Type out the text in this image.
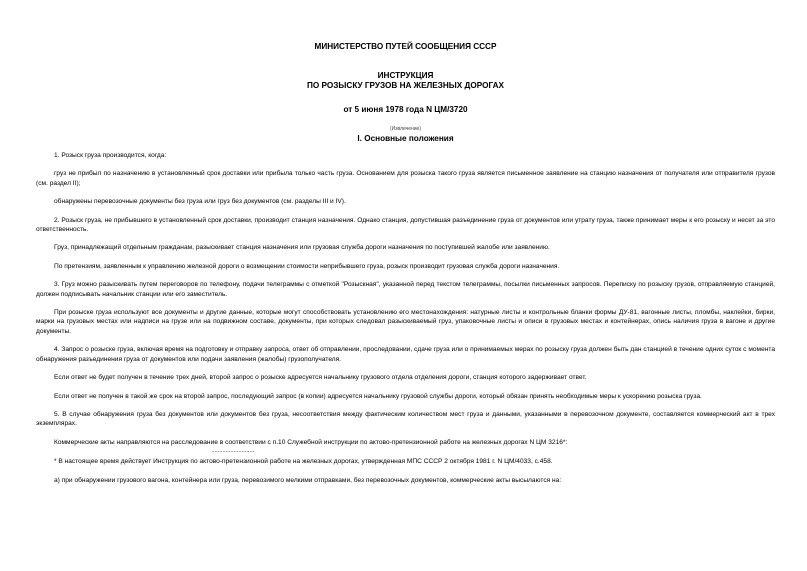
МИНИСТЕРСТВО ПУТЕЙ СООБЩЕНИЯ СССР
ИНСТРУКЦИЯ
ПО РОЗЫСКУ ГРУЗОВ НА ЖЕЛЕЗНЫХ ДОРОГАХ
от 5 июня 1978 года N ЦМ/3720
(Извлечение)
I. Основные положения

1. Розыск груза производится, когда:

груз не прибыл по назначению в установленный срок доставки или прибыла только часть груза. Основанием для розыска такого груза является письменное заявление на станцию назначения от получателя или отправителя грузов (см. раздел II);

обнаружены перевозочные документы без груза или груз без документов (см. разделы III и IV).

2. Розыск груза, не прибывшего в установленный срок доставки, производит станция назначения. Однако станция, допустившая разъединение груза от документов или утрату груза, также принимает меры к его розыску и несет за это ответственность.

Груз, принадлежащий отдельным гражданам, разыскивает станция назначения или грузовая служба дороги назначения по поступившей жалобе или заявлению.

По претензиям, заявленным к управлению железной дороги о возмещении стоимости неприбывшего груза, розыск производит грузовая служба дороги назначения.

3. Груз можно разыскивать путем переговоров по телефону, подачи телеграммы с отметкой "Розыскная", указанной перед текстом телеграммы, посылки письменных запросов. Переписку по розыску грузов, отправляемую станцией, должен подписывать начальник станции или его заместитель.

При розыске груза используют все документы и другие данные, которые могут способствовать установлению его местонахождения: натурные листы и контрольные бланки формы ДУ-81, вагонные листы, пломбы, наклейки, бирки, марки на грузовых местах или надписи на грузе или на подвижном составе, документы, при которых следовал разыскиваемый груз, упаковочные листы и описи в грузовых местах и контейнерах, опись наличия груза в вагоне и другие документы.

4. Запрос о розыске груза, включая время на подготовку и отправку запроса, ответ об отправлении, проследовании, сдаче груза или о принимаемых мерах по розыску груза должен быть дан станцией в течение одних суток с момента обнаружения разъединения груза от документов или подачи заявления (жалобы) грузополучателя.

Если ответ не будет получен в течение трех дней, второй запрос о розыске адресуется начальнику грузового отдела отделения дороги, станция которого задерживает ответ.

Если ответ не получен в такой же срок на второй запрос, последующий запрос (в копии) адресуется начальнику грузовой службы дороги, который обязан принять необходимые меры к ускорению розыска груза.

5. В случае обнаружения груза без документов или документов без груза, несоответствия между фактическим количеством мест груза и данными, указанными в перевозочном документе, составляется коммерческий акт в трех экземплярах.

Коммерческие акты направляются на расследование в соответствии с п.10 Служебной инструкции по актово-претензионной работе на железных дорогах N ЦМ 3216*:

----------------

* В настоящее время действует Инструкция по актово-претензионной работе на железных дорогах, утвержденная МПС СССР 2 октября 1981 г. N ЦМ/4033, с.458.

а) при обнаружении грузового вагона, контейнера или груза, перевозимого мелкими отправками, без перевозочных документов, коммерческие акты высылаются на:
